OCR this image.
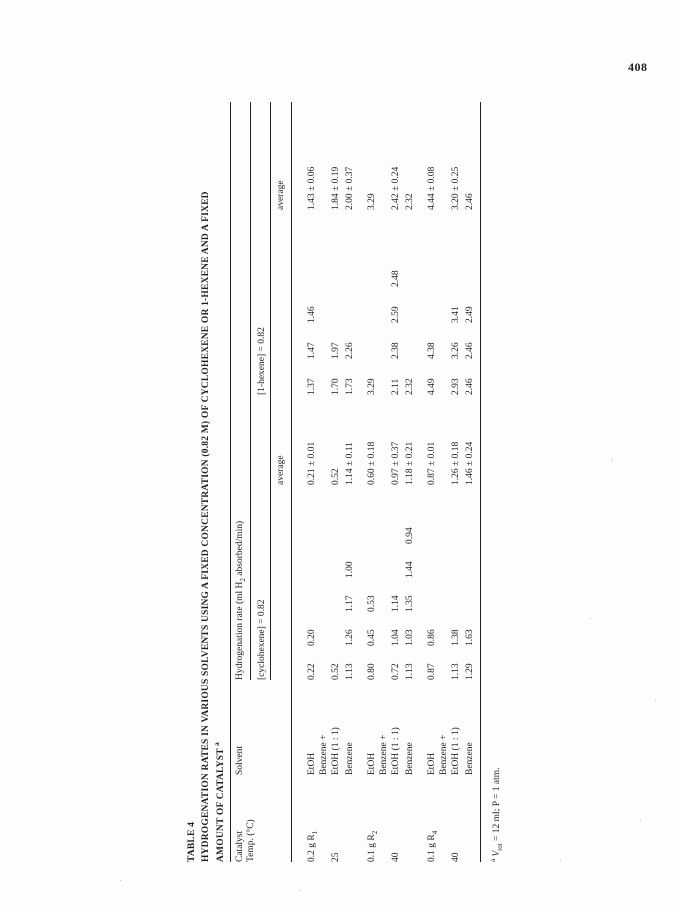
408
TABLE 4 HYDROGENATION RATES IN VARIOUS SOLVENTS USING A FIXED CONCENTRATION (0.82 M) OF CYCLOHEXENE OR 1-HEXENE AND A FIXED AMOUNT OF CATALYST $^a$
Catalyst Temp. (°C)
Solvent
Hydrogenation rate (ml $H_2$ absorbed/min)
[cyclohexene] = 0.82
[1-hexene] = 0.82
average
average
0.2 g $R_1$
EtOH
0.22
0.20
0.21 ± 0.01
1.37
1.47
1.46
1.43 ± 0.06
Benzene +
25
EtOH (1 : 1)
0.52
0.52
1.70
1.97
1.84 ± 0.19
Benzene
1.13
1.26
1.17
1.00
1.14 ± 0.11
1.73
2.26
2.00 ± 0.37
0.1 g $R_2$
EtOH
0.80
0.45
0.53
0.60 ± 0.18
3.29
3.29
Benzene +
40
EtOH (1 : 1)
0.72
1.04
1.14
0.97 ± 0.37
2.11
2.38
2.59
2.48
2.42 ± 0.24
Benzene
1.13
1.03
1.35
1.44
0.94
1.18 ± 0.21
2.32
2.32
0.1 g $R_4$
EtOH
0.87
0.86
0.87 ± 0.01
4.49
4.38
4.44 ± 0.08
Benzene +
40
EtOH (1 : 1)
1.13
1.38
1.26 ± 0.18
2.93
3.26
3.41
3.20 ± 0.25
Benzene
1.29
1.63
1.46 ± 0.24
2.46
2.46
2.49
2.46
$^a$ $V_{tot} = 12$ ml; P = 1 atm.
